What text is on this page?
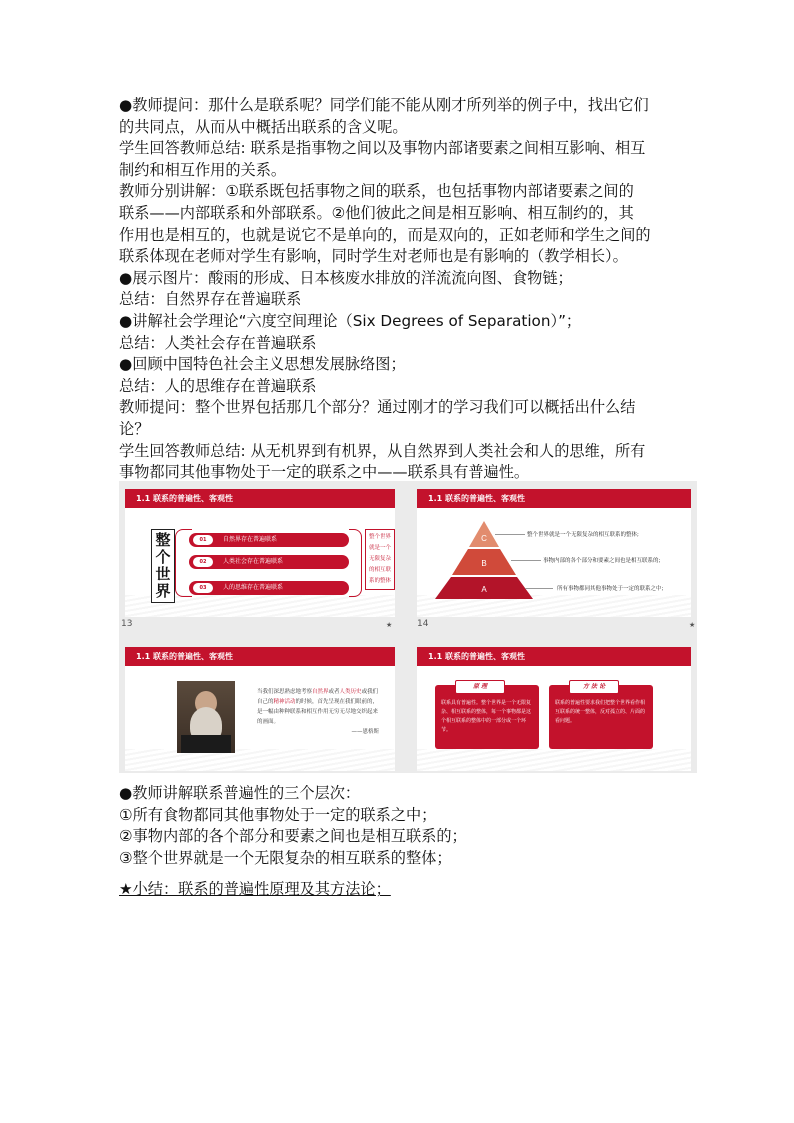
●教师提问：那什么是联系呢？同学们能不能从刚才所列举的例子中，找出它们

的共同点，从而从中概括出联系的含义呢。

学生回答教师总结: 联系是指事物之间以及事物内部诸要素之间相互影响、相互

制约和相互作用的关系。

教师分别讲解：①联系既包括事物之间的联系，也包括事物内部诸要素之间的

联系——内部联系和外部联系。②他们彼此之间是相互影响、相互制约的，其

作用也是相互的，也就是说它不是单向的，而是双向的，正如老师和学生之间的

联系体现在老师对学生有影响，同时学生对老师也是有影响的（教学相长）。

●展示图片：酸雨的形成、日本核废水排放的洋流流向图、食物链；

总结：自然界存在普遍联系

●讲解社会学理论“六度空间理论（Six Degrees of Separation）”；

总结：人类社会存在普遍联系

●回顾中国特色社会主义思想发展脉络图；

总结：人的思维存在普遍联系

教师提问：整个世界包括那几个部分？通过刚才的学习我们可以概括出什么结

论？

学生回答教师总结: 从无机界到有机界，从自然界到人类社会和人的思维，所有

事物都同其他事物处于一定的联系之中——联系具有普遍性。

1.1 联系的普遍性、客观性
整
个
世
界
01	自然界存在普遍联系
02	人类社会存在普遍联系
03	人的思维存在普遍联系
整个世界
就是一个
无限复杂
的相互联
系的整体
13	★
1.1 联系的普遍性、客观性
C
B
A
整个世界就是一个无限复杂的相互联系的整体;
事物内部的各个部分和要素之间也是相互联系的;
所有事物都同其他事物处于一定的联系之中;
14	★
1.1 联系的普遍性、客观性
当我们深思熟虑地考察自然界或者人类历史或我们自己的精神活动的时候，首先呈现在我们眼前的，是一幅由种种联系和相互作用无穷无尽地交织起来的画面。
——恩格斯
1.1 联系的普遍性、客观性
原 理
联系具有普遍性。整个世界是一个无限复杂、相互联系的整体，每一个事物都是这个相互联系的整体中的一部分或一个环节。
方 法 论
联系的普遍性要求我们把整个世界看作相互联系的统一整体，反对孤立的、片面的看问题。

●教师讲解联系普遍性的三个层次：

①所有食物都同其他事物处于一定的联系之中；

②事物内部的各个部分和要素之间也是相互联系的；

③整个世界就是一个无限复杂的相互联系的整体；

★小结：联系的普遍性原理及其方法论；
